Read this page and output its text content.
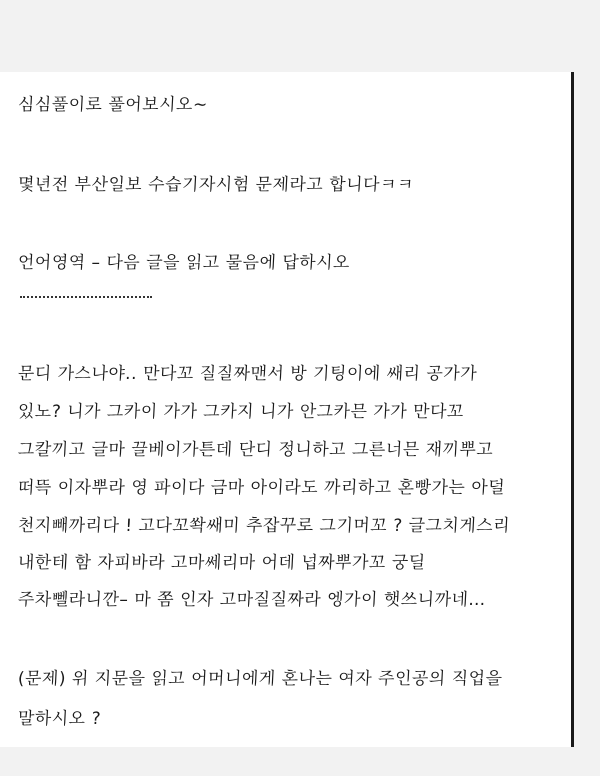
심심풀이로 풀어보시오~

몇년전 부산일보 수습기자시험 문제라고 합니다ㅋㅋ

언어영역 – 다음 글을 읽고 물음에 답하시오

문디 가스나야.. 만다꼬 질질짜맨서 방 기팅이에 쌔리 공가가

있노? 니가 그카이 가가 그카지 니가 안그카믄 가가 만다꼬

그칼끼고 글마 끌베이가튼데 단디 정니하고 그른너믄 재끼뿌고

떠뜩 이자뿌라 영 파이다 금마 아이라도 까리하고 혼빵가는 아덜

천지빼까리다 ! 고다꼬쏵쌔미 추잡꾸로 그기머꼬 ? 글그치게스리

내한테 함 자피바라 고마쎄리마 어데 넙짜뿌가꼬 궁딜

주차뻴라니깐– 마 쫌 인자 고마질질짜라 엥가이 햇쓰니까네…

(문제) 위 지문을 읽고 어머니에게 혼나는 여자 주인공의 직업을

말하시오 ?
